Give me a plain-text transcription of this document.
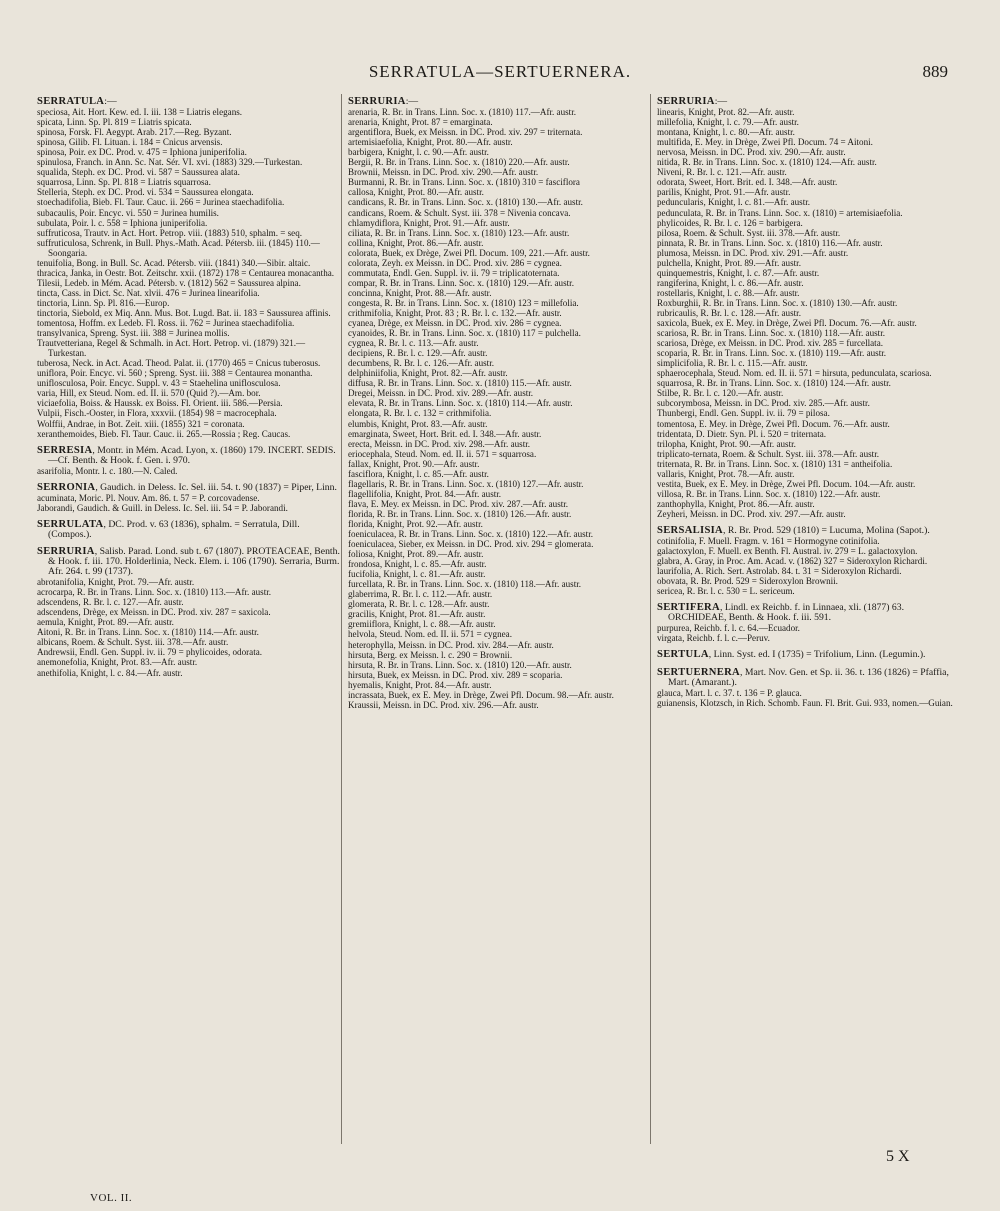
SERRATULA—SERTUERNERA.	889
SERRATULA:—
speciosa, Ait. Hort. Kew. ed. I. iii. 138 = Liatris elegans.
spicata, Linn. Sp. Pl. 819 = Liatris spicata.
spinosa, Forsk. Fl. Aegypt. Arab. 217.—Reg. Byzant.
spinosa, Gilib. Fl. Lituan. i. 184 = Cnicus arvensis.
spinosa, Poir. ex DC. Prod. v. 475 = Iphiona juniperifolia.
spinulosa, Franch. in Ann. Sc. Nat. Sér. VI. xvi. (1883) 329.—Turkestan.
squalida, Steph. ex DC. Prod. vi. 587 = Saussurea alata.
squarrosa, Linn. Sp. Pl. 818 = Liatris squarrosa.
Stelleria, Steph. ex DC. Prod. vi. 534 = Saussurea elongata.
stoechadifolia, Bieb. Fl. Taur. Cauc. ii. 266 = Jurinea staechadifolia.
subacaulis, Poir. Encyc. vi. 550 = Jurinea humilis.
subulata, Poir. l. c. 558 = Iphiona juniperifolia.
suffruticosa, Trautv. in Act. Hort. Petrop. viii. (1883) 510, sphalm. = seq.
suffruticulosa, Schrenk, in Bull. Phys.-Math. Acad. Pétersb. iii. (1845) 110.—Soongaria.
tenuifolia, Bong. in Bull. Sc. Acad. Pétersb. viii. (1841) 340.—Sibir. altaic.
thracica, Janka, in Oestr. Bot. Zeitschr. xxii. (1872) 178 = Centaurea monacantha.
Tilesii, Ledeb. in Mém. Acad. Pétersb. v. (1812) 562 = Saussurea alpina.
tincta, Cass. in Dict. Sc. Nat. xlvii. 476 = Jurinea linearifolia.
tinctoria, Linn. Sp. Pl. 816.—Europ.
tinctoria, Siebold, ex Miq. Ann. Mus. Bot. Lugd. Bat. ii. 183 = Saussurea affinis.
tomentosa, Hoffm. ex Ledeb. Fl. Ross. ii. 762 = Jurinea staechadifolia.
transylvanica, Spreng. Syst. iii. 388 = Jurinea mollis.
Trautvetteriana, Regel & Schmalh. in Act. Hort. Petrop. vi. (1879) 321.—Turkestan.
tuberosa, Neck. in Act. Acad. Theod. Palat. ii. (1770) 465 = Cnicus tuberosus.
uniflora, Poir. Encyc. vi. 560 ; Spreng. Syst. iii. 388 = Centaurea monantha.
uniflosculosa, Poir. Encyc. Suppl. v. 43 = Staehelina uniflosculosa.
varia, Hill, ex Steud. Nom. ed. II. ii. 570 (Quid ?).—Am. bor.
viciaefolia, Boiss. & Haussk. ex Boiss. Fl. Orient. iii. 586.—Persia.
Vulpii, Fisch.-Ooster, in Flora, xxxvii. (1854) 98 = macrocephala.
Wolffii, Andrae, in Bot. Zeit. xiii. (1855) 321 = coronata.
xeranthemoides, Bieb. Fl. Taur. Cauc. ii. 265.—Rossia ; Reg. Caucas.
SERRESIA, Montr. in Mém. Acad. Lyon, x. (1860) 179. INCERT. SEDIS.—Cf. Benth. & Hook. f. Gen. i. 970.
asarifolia, Montr. l. c. 180.—N. Caled.
SERRONIA, Gaudich. in Deless. Ic. Sel. iii. 54. t. 90 (1837) = Piper, Linn.
acuminata, Moric. Pl. Nouv. Am. 86. t. 57 = P. corcovadense.
Jaborandi, Gaudich. & Guill. in Deless. Ic. Sel. iii. 54 = P. Jaborandi.
SERRULATA, DC. Prod. v. 63 (1836), sphalm. = Serratula, Dill. (Compos.).
SERRURIA, Salisb. Parad. Lond. sub t. 67 (1807). PROTEACEAE, Benth. & Hook. f. iii. 170. Holderlinia, Neck. Elem. i. 106 (1790). Serraria, Burm. Afr. 264. t. 99 (1737).
abrotanifolia, Knight, Prot. 79.—Afr. austr.
acrocarpa, R. Br. in Trans. Linn. Soc. x. (1810) 113.—Afr. austr.
adscendens, R. Br. l. c. 127.—Afr. austr.
adscendens, Drège, ex Meissn. in DC. Prod. xiv. 287 = saxicola.
aemula, Knight, Prot. 89.—Afr. austr.
Aitoni, R. Br. in Trans. Linn. Soc. x. (1810) 114.—Afr. austr.
albicans, Roem. & Schult. Syst. iii. 378.—Afr. austr.
Andrewsii, Endl. Gen. Suppl. iv. ii. 79 = phylicoides, odorata.
anemonefolia, Knight, Prot. 83.—Afr. austr.
anethifolia, Knight, l. c. 84.—Afr. austr.
SERRURIA:—
arenaria, R. Br. in Trans. Linn. Soc. x. (1810) 117.—Afr. austr.
arenaria, Knight, Prot. 87 = emarginata.
argentiflora, Buek, ex Meissn. in DC. Prod. xiv. 297 = triternata.
artemisiaefolia, Knight, Prot. 80.—Afr. austr.
barbigera, Knight, l. c. 90.—Afr. austr.
Bergii, R. Br. in Trans. Linn. Soc. x. (1810) 220.—Afr. austr.
Brownii, Meissn. in DC. Prod. xiv. 290.—Afr. austr.
Burmanni, R. Br. in Trans. Linn. Soc. x. (1810) 310 = fasciflora
callosa, Knight, Prot. 80.—Afr. austr.
candicans, R. Br. in Trans. Linn. Soc. x. (1810) 130.—Afr. austr.
candicans, Roem. & Schult. Syst. iii. 378 = Nivenia concava.
chlamydiflora, Knight, Prot. 91.—Afr. austr.
ciliata, R. Br. in Trans. Linn. Soc. x. (1810) 123.—Afr. austr.
collina, Knight, Prot. 86.—Afr. austr.
colorata, Buek, ex Drège, Zwei Pfl. Docum. 109, 221.—Afr. austr.
colorata, Zeyh. ex Meissn. in DC. Prod. xiv. 286 = cygnea.
commutata, Endl. Gen. Suppl. iv. ii. 79 = triplicatoternata.
compar, R. Br. in Trans. Linn. Soc. x. (1810) 129.—Afr. austr.
concinna, Knight, Prot. 88.—Afr. austr.
congesta, R. Br. in Trans. Linn. Soc. x. (1810) 123 = millefolia.
crithmifolia, Knight, Prot. 83 ; R. Br. l. c. 132.—Afr. austr.
cyanea, Drège, ex Meissn. in DC. Prod. xiv. 286 = cygnea.
cyanoides, R. Br. in Trans. Linn. Soc. x. (1810) 117 = pulchella.
cygnea, R. Br. l. c. 113.—Afr. austr.
decipiens, R. Br. l. c. 129.—Afr. austr.
decumbens, R. Br. l. c. 126.—Afr. austr.
delphiniifolia, Knight, Prot. 82.—Afr. austr.
diffusa, R. Br. in Trans. Linn. Soc. x. (1810) 115.—Afr. austr.
Dregei, Meissn. in DC. Prod. xiv. 289.—Afr. austr.
elevata, R. Br. in Trans. Linn. Soc. x. (1810) 114.—Afr. austr.
elongata, R. Br. l. c. 132 = crithmifolia.
elumbis, Knight, Prot. 83.—Afr. austr.
emarginata, Sweet, Hort. Brit. ed. I. 348.—Afr. austr.
erecta, Meissn. in DC. Prod. xiv. 298.—Afr. austr.
eriocephala, Steud. Nom. ed. II. ii. 571 = squarrosa.
fallax, Knight, Prot. 90.—Afr. austr.
fasciflora, Knight, l. c. 85.—Afr. austr.
flagellaris, R. Br. in Trans. Linn. Soc. x. (1810) 127.—Afr. austr.
flagellifolia, Knight, Prot. 84.—Afr. austr.
flava, E. Mey. ex Meissn. in DC. Prod. xiv. 287.—Afr. austr.
florida, R. Br. in Trans. Linn. Soc. x. (1810) 126.—Afr. austr.
florida, Knight, Prot. 92.—Afr. austr.
foeniculacea, R. Br. in Trans. Linn. Soc. x. (1810) 122.—Afr. austr.
foeniculacea, Sieber, ex Meissn. in DC. Prod. xiv. 294 = glomerata.
foliosa, Knight, Prot. 89.—Afr. austr.
frondosa, Knight, l. c. 85.—Afr. austr.
fucifolia, Knight, l. c. 81.—Afr. austr.
furcellata, R. Br. in Trans. Linn. Soc. x. (1810) 118.—Afr. austr.
glaberrima, R. Br. l. c. 112.—Afr. austr.
glomerata, R. Br. l. c. 128.—Afr. austr.
gracilis, Knight, Prot. 81.—Afr. austr.
gremiiflora, Knight, l. c. 88.—Afr. austr.
helvola, Steud. Nom. ed. II. ii. 571 = cygnea.
heterophylla, Meissn. in DC. Prod. xiv. 284.—Afr. austr.
hirsuta, Berg. ex Meissn. l. c. 290 = Brownii.
hirsuta, R. Br. in Trans. Linn. Soc. x. (1810) 120.—Afr. austr.
hirsuta, Buek, ex Meissn. in DC. Prod. xiv. 289 = scoparia.
hyemalis, Knight, Prot. 84.—Afr. austr.
incrassata, Buek, ex E. Mey. in Drège, Zwei Pfl. Docum. 98.—Afr. austr.
Kraussii, Meissn. in DC. Prod. xiv. 296.—Afr. austr.
SERRURIA:—
linearis, Knight, Prot. 82.—Afr. austr.
millefolia, Knight, l. c. 79.—Afr. austr.
montana, Knight, l. c. 80.—Afr. austr.
multifida, E. Mey. in Drège, Zwei Pfl. Docum. 74 = Aitoni.
nervosa, Meissn. in DC. Prod. xiv. 290.—Afr. austr.
nitida, R. Br. in Trans. Linn. Soc. x. (1810) 124.—Afr. austr.
Niveni, R. Br. l. c. 121.—Afr. austr.
odorata, Sweet, Hort. Brit. ed. I. 348.—Afr. austr.
parilis, Knight, Prot. 91.—Afr. austr.
peduncularis, Knight, l. c. 81.—Afr. austr.
pedunculata, R. Br. in Trans. Linn. Soc. x. (1810) = artemisiaefolia.
phylicoides, R. Br. l. c. 126 = barbigera.
pilosa, Roem. & Schult. Syst. iii. 378.—Afr. austr.
pinnata, R. Br. in Trans. Linn. Soc. x. (1810) 116.—Afr. austr.
plumosa, Meissn. in DC. Prod. xiv. 291.—Afr. austr.
pulchella, Knight, Prot. 89.—Afr. austr.
quinquemestris, Knight, l. c. 87.—Afr. austr.
rangiferina, Knight, l. c. 86.—Afr. austr.
rostellaris, Knight, l. c. 88.—Afr. austr.
Roxburghii, R. Br. in Trans. Linn. Soc. x. (1810) 130.—Afr. austr.
rubricaulis, R. Br. l. c. 128.—Afr. austr.
saxicola, Buek, ex E. Mey. in Drège, Zwei Pfl. Docum. 76.—Afr. austr.
scariosa, R. Br. in Trans. Linn. Soc. x. (1810) 118.—Afr. austr.
scariosa, Drège, ex Meissn. in DC. Prod. xiv. 285 = furcellata.
scoparia, R. Br. in Trans. Linn. Soc. x. (1810) 119.—Afr. austr.
simplicifolia, R. Br. l. c. 115.—Afr. austr.
sphaerocephala, Steud. Nom. ed. II. ii. 571 = hirsuta, pedunculata, scariosa.
squarrosa, R. Br. in Trans. Linn. Soc. x. (1810) 124.—Afr. austr.
Stilbe, R. Br. l. c. 120.—Afr. austr.
subcorymbosa, Meissn. in DC. Prod. xiv. 285.—Afr. austr.
Thunbergi, Endl. Gen. Suppl. iv. ii. 79 = pilosa.
tomentosa, E. Mey. in Drège, Zwei Pfl. Docum. 76.—Afr. austr.
tridentata, D. Dietr. Syn. Pl. i. 520 = triternata.
trilopha, Knight, Prot. 90.—Afr. austr.
triplicato-ternata, Roem. & Schult. Syst. iii. 378.—Afr. austr.
triternata, R. Br. in Trans. Linn. Soc. x. (1810) 131 = antheifolia.
vallaris, Knight, Prot. 78.—Afr. austr.
vestita, Buek, ex E. Mey. in Drège, Zwei Pfl. Docum. 104.—Afr. austr.
villosa, R. Br. in Trans. Linn. Soc. x. (1810) 122.—Afr. austr.
zanthophylla, Knight, Prot. 86.—Afr. austr.
Zeyheri, Meissn. in DC. Prod. xiv. 297.—Afr. austr.
SERSALISIA, R. Br. Prod. 529 (1810) = Lucuma, Molina (Sapot.).
cotinifolia, F. Muell. Fragm. v. 161 = Hormogyne cotinifolia.
galactoxylon, F. Muell. ex Benth. Fl. Austral. iv. 279 = L. galactoxylon.
glabra, A. Gray, in Proc. Am. Acad. v. (1862) 327 = Sideroxylon Richardi.
laurifolia, A. Rich. Sert. Astrolab. 84. t. 31 = Sideroxylon Richardi.
obovata, R. Br. Prod. 529 = Sideroxylon Brownii.
sericea, R. Br. l. c. 530 = L. sericeum.
SERTIFERA, Lindl. ex Reichb. f. in Linnaea, xli. (1877) 63. ORCHIDEAE, Benth. & Hook. f. iii. 591.
purpurea, Reichb. f. l. c. 64.—Ecuador.
virgata, Reichb. f. l. c.—Peruv.
SERTULA, Linn. Syst. ed. I (1735) = Trifolium, Linn. (Legumin.).
SERTUERNERA, Mart. Nov. Gen. et Sp. ii. 36. t. 136 (1826) = Pfaffia, Mart. (Amarant.).
glauca, Mart. l. c. 37. t. 136 = P. glauca.
guianensis, Klotzsch, in Rich. Schomb. Faun. Fl. Brit. Gui. 933, nomen.—Guian.
VOL. II.
5 X
